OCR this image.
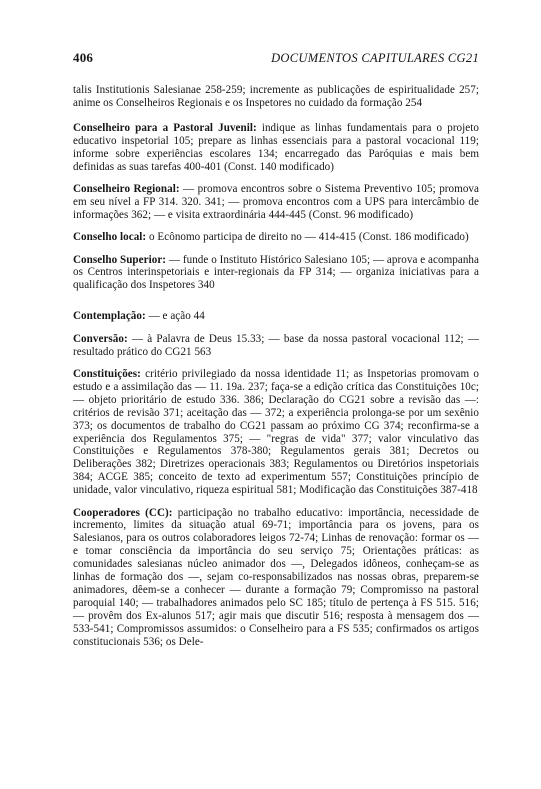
406	DOCUMENTOS CAPITULARES CG21

talis Institutionis Salesianae 258-259; incremente as publicações de espiritualidade 257; anime os Conselheiros Regionais e os Inspetores no cuidado da formação 254

Conselheiro para a Pastoral Juvenil: indique as linhas fundamentais para o projeto educativo inspetorial 105; prepare as linhas essenciais para a pastoral vocacional 119; informe sobre experiências escolares 134; encarregado das Paróquias e mais bem definidas as suas tarefas 400-401 (Const. 140 modificado)

Conselheiro Regional: — promova encontros sobre o Sistema Preventivo 105; promova em seu nível a FP 314. 320. 341; — promova encontros com a UPS para intercâmbio de informações 362; — e visita extraordinária 444-445 (Const. 96 modificado)

Conselho local: o Ecônomo participa de direito no — 414-415 (Const. 186 modificado)

Conselho Superior: — funde o Instituto Histórico Salesiano 105; — aprova e acompanha os Centros interinspetoriais e inter-regionais da FP 314; — organiza iniciativas para a qualificação dos Inspetores 340

Contemplação: — e ação 44

Conversão: — à Palavra de Deus 15.33; — base da nossa pastoral vocacional 112; — resultado prático do CG21 563

Constituições: critério privilegiado da nossa identidade 11; as Inspetorias promovam o estudo e a assimilação das — 11. 19a. 237; faça-se a edição crítica das Constituições 10c; — objeto prioritário de estudo 336. 386; Declaração do CG21 sobre a revisão das —: critérios de revisão 371; aceitação das — 372; a experiência prolonga-se por um sexênio 373; os documentos de trabalho do CG21 passam ao próximo CG 374; reconfirma-se a experiência dos Regulamentos 375; — "regras de vida" 377; valor vinculativo das Constituições e Regulamentos 378-380; Regulamentos gerais 381; Decretos ou Deliberações 382; Diretrizes operacionais 383; Regulamentos ou Diretórios inspetoriais 384; ACGE 385; conceito de texto ad experimentum 557; Constituições princípio de unidade, valor vinculativo, riqueza espiritual 581; Modificação das Constituições 387-418

Cooperadores (CC): participação no trabalho educativo: importância, necessidade de incremento, limites da situação atual 69-71; importância para os jovens, para os Salesianos, para os outros colaboradores leigos 72-74; Linhas de renovação: formar os — e tomar consciência da importância do seu serviço 75; Orientações práticas: as comunidades salesianas núcleo animador dos —, Delegados idôneos, conheçam-se as linhas de formação dos —, sejam co-responsabilizados nas nossas obras, preparem-se animadores, dêem-se a conhecer — durante a formação 79; Compromisso na pastoral paroquial 140; — trabalhadores animados pelo SC 185; título de pertença à FS 515. 516; — provêm dos Ex-alunos 517; agir mais que discutir 516; resposta à mensagem dos — 533-541; Compromissos assumidos: o Conselheiro para a FS 535; confirmados os artigos constitucionais 536; os Dele-
